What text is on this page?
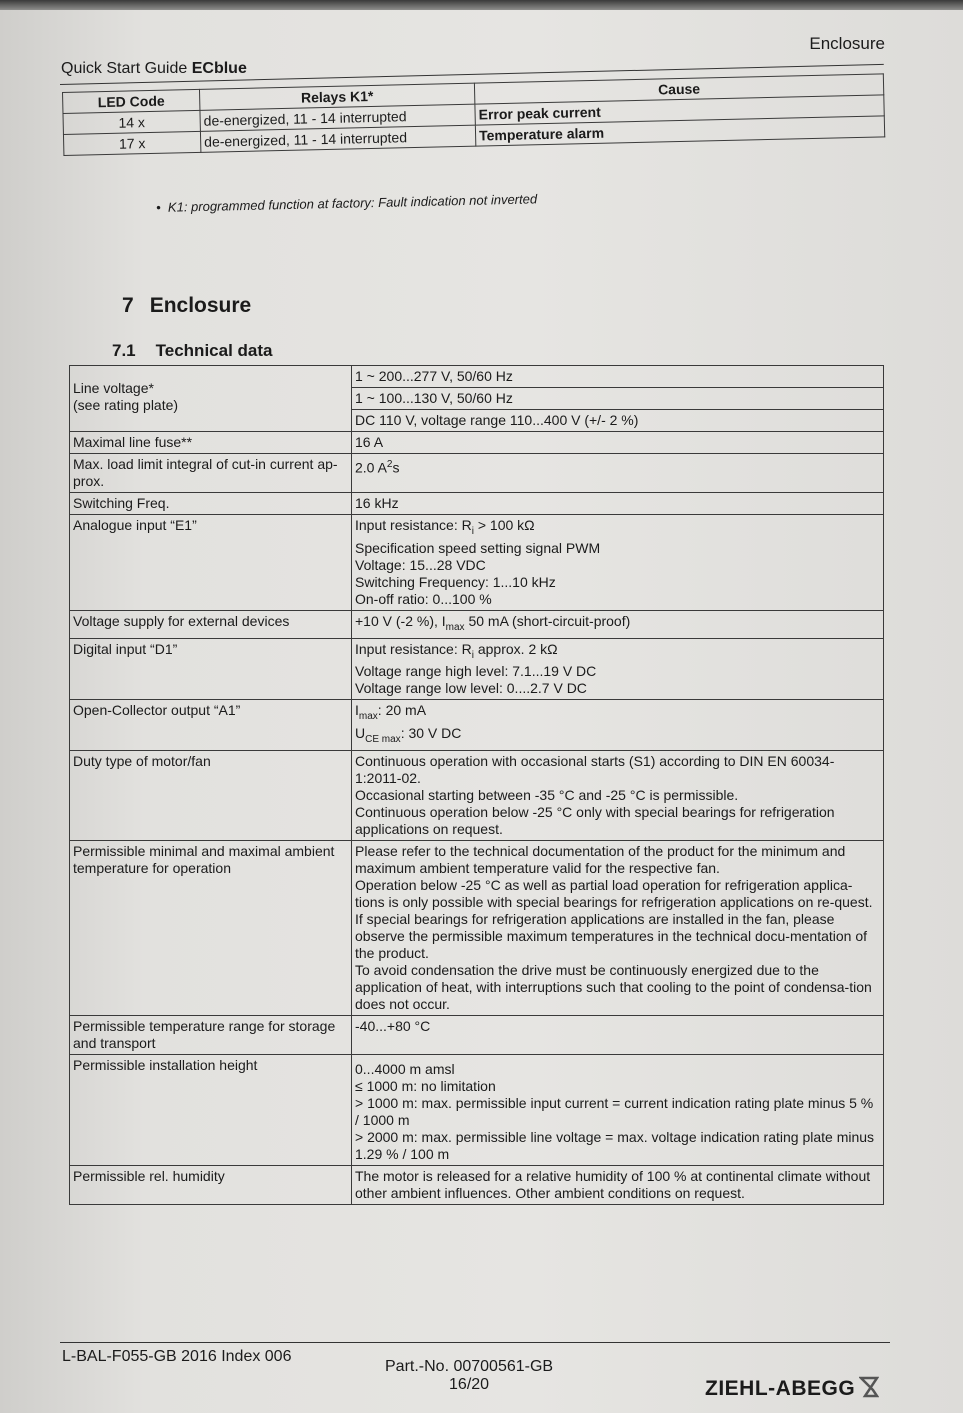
Enclosure
Quick Start Guide ECblue
LED Code	Relays K1*	Cause
14 x	de-energized, 11 - 14 interrupted	Error peak current
17 x	de-energized, 11 - 14 interrupted	Temperature alarm
•  K1: programmed function at factory: Fault indication not inverted
7 Enclosure
7.1 Technical data
Line voltage*
(see rating plate)	1 ~ 200...277 V, 50/60 Hz
	1 ~ 100...130 V, 50/60 Hz
	DC 110 V, voltage range 110...400 V (+/- 2 %)
Maximal line fuse**	16 A
Max. load limit integral of cut-in current ap-prox.	2.0 $A^2s$
Switching Freq.	16 kHz
Analogue input “E1”	Input resistance: $R_i > 100$ kΩ
Specification speed setting signal PWM
Voltage: 15...28 VDC
Switching Frequency: 1...10 kHz
On-off ratio: 0...100 %

Voltage supply for external devices	+10 V (-2 %), $I_{max}$ 50 mA (short-circuit-proof)
Digital input “D1”	Input resistance: $R_i$ approx. 2 kΩ
Voltage range high level: 7.1...19 V DC
Voltage range low level: 0....2.7 V DC

Open-Collector output “A1”	$I_{max}$: 20 mA
$U_{CE max}$: 30 V DC

Duty type of motor/fan	Continuous operation with occasional starts (S1) according to DIN EN 60034-1:2011-02.
Occasional starting between -35 °C and -25 °C is permissible.
Continuous operation below -25 °C only with special bearings for refrigeration applications on request.

Permissible minimal and maximal ambient temperature for operation	Please refer to the technical documentation of the product for the minimum and maximum ambient temperature valid for the respective fan.
Operation below -25 °C as well as partial load operation for refrigeration applica-tions is only possible with special bearings for refrigeration applications on re-quest. If special bearings for refrigeration applications are installed in the fan, please observe the permissible maximum temperatures in the technical docu-mentation of the product.
To avoid condensation the drive must be continuously energized due to the application of heat, with interruptions such that cooling to the point of condensa-tion does not occur.

Permissible temperature range for storage and transport	-40...+80 °C
Permissible installation height	0...4000 m amsl
≤ 1000 m: no limitation
> 1000 m: max. permissible input current = current indication rating plate minus 5 % / 1000 m
> 2000 m: max. permissible line voltage = max. voltage indication rating plate minus 1.29 % / 100 m

Permissible rel. humidity	The motor is released for a relative humidity of 100 % at continental climate without other ambient influences. Other ambient conditions on request.
L-BAL-F055-GB 2016 Index 006
Part.-No. 00700561-GB
16/20	ZIEHL-ABEGG
